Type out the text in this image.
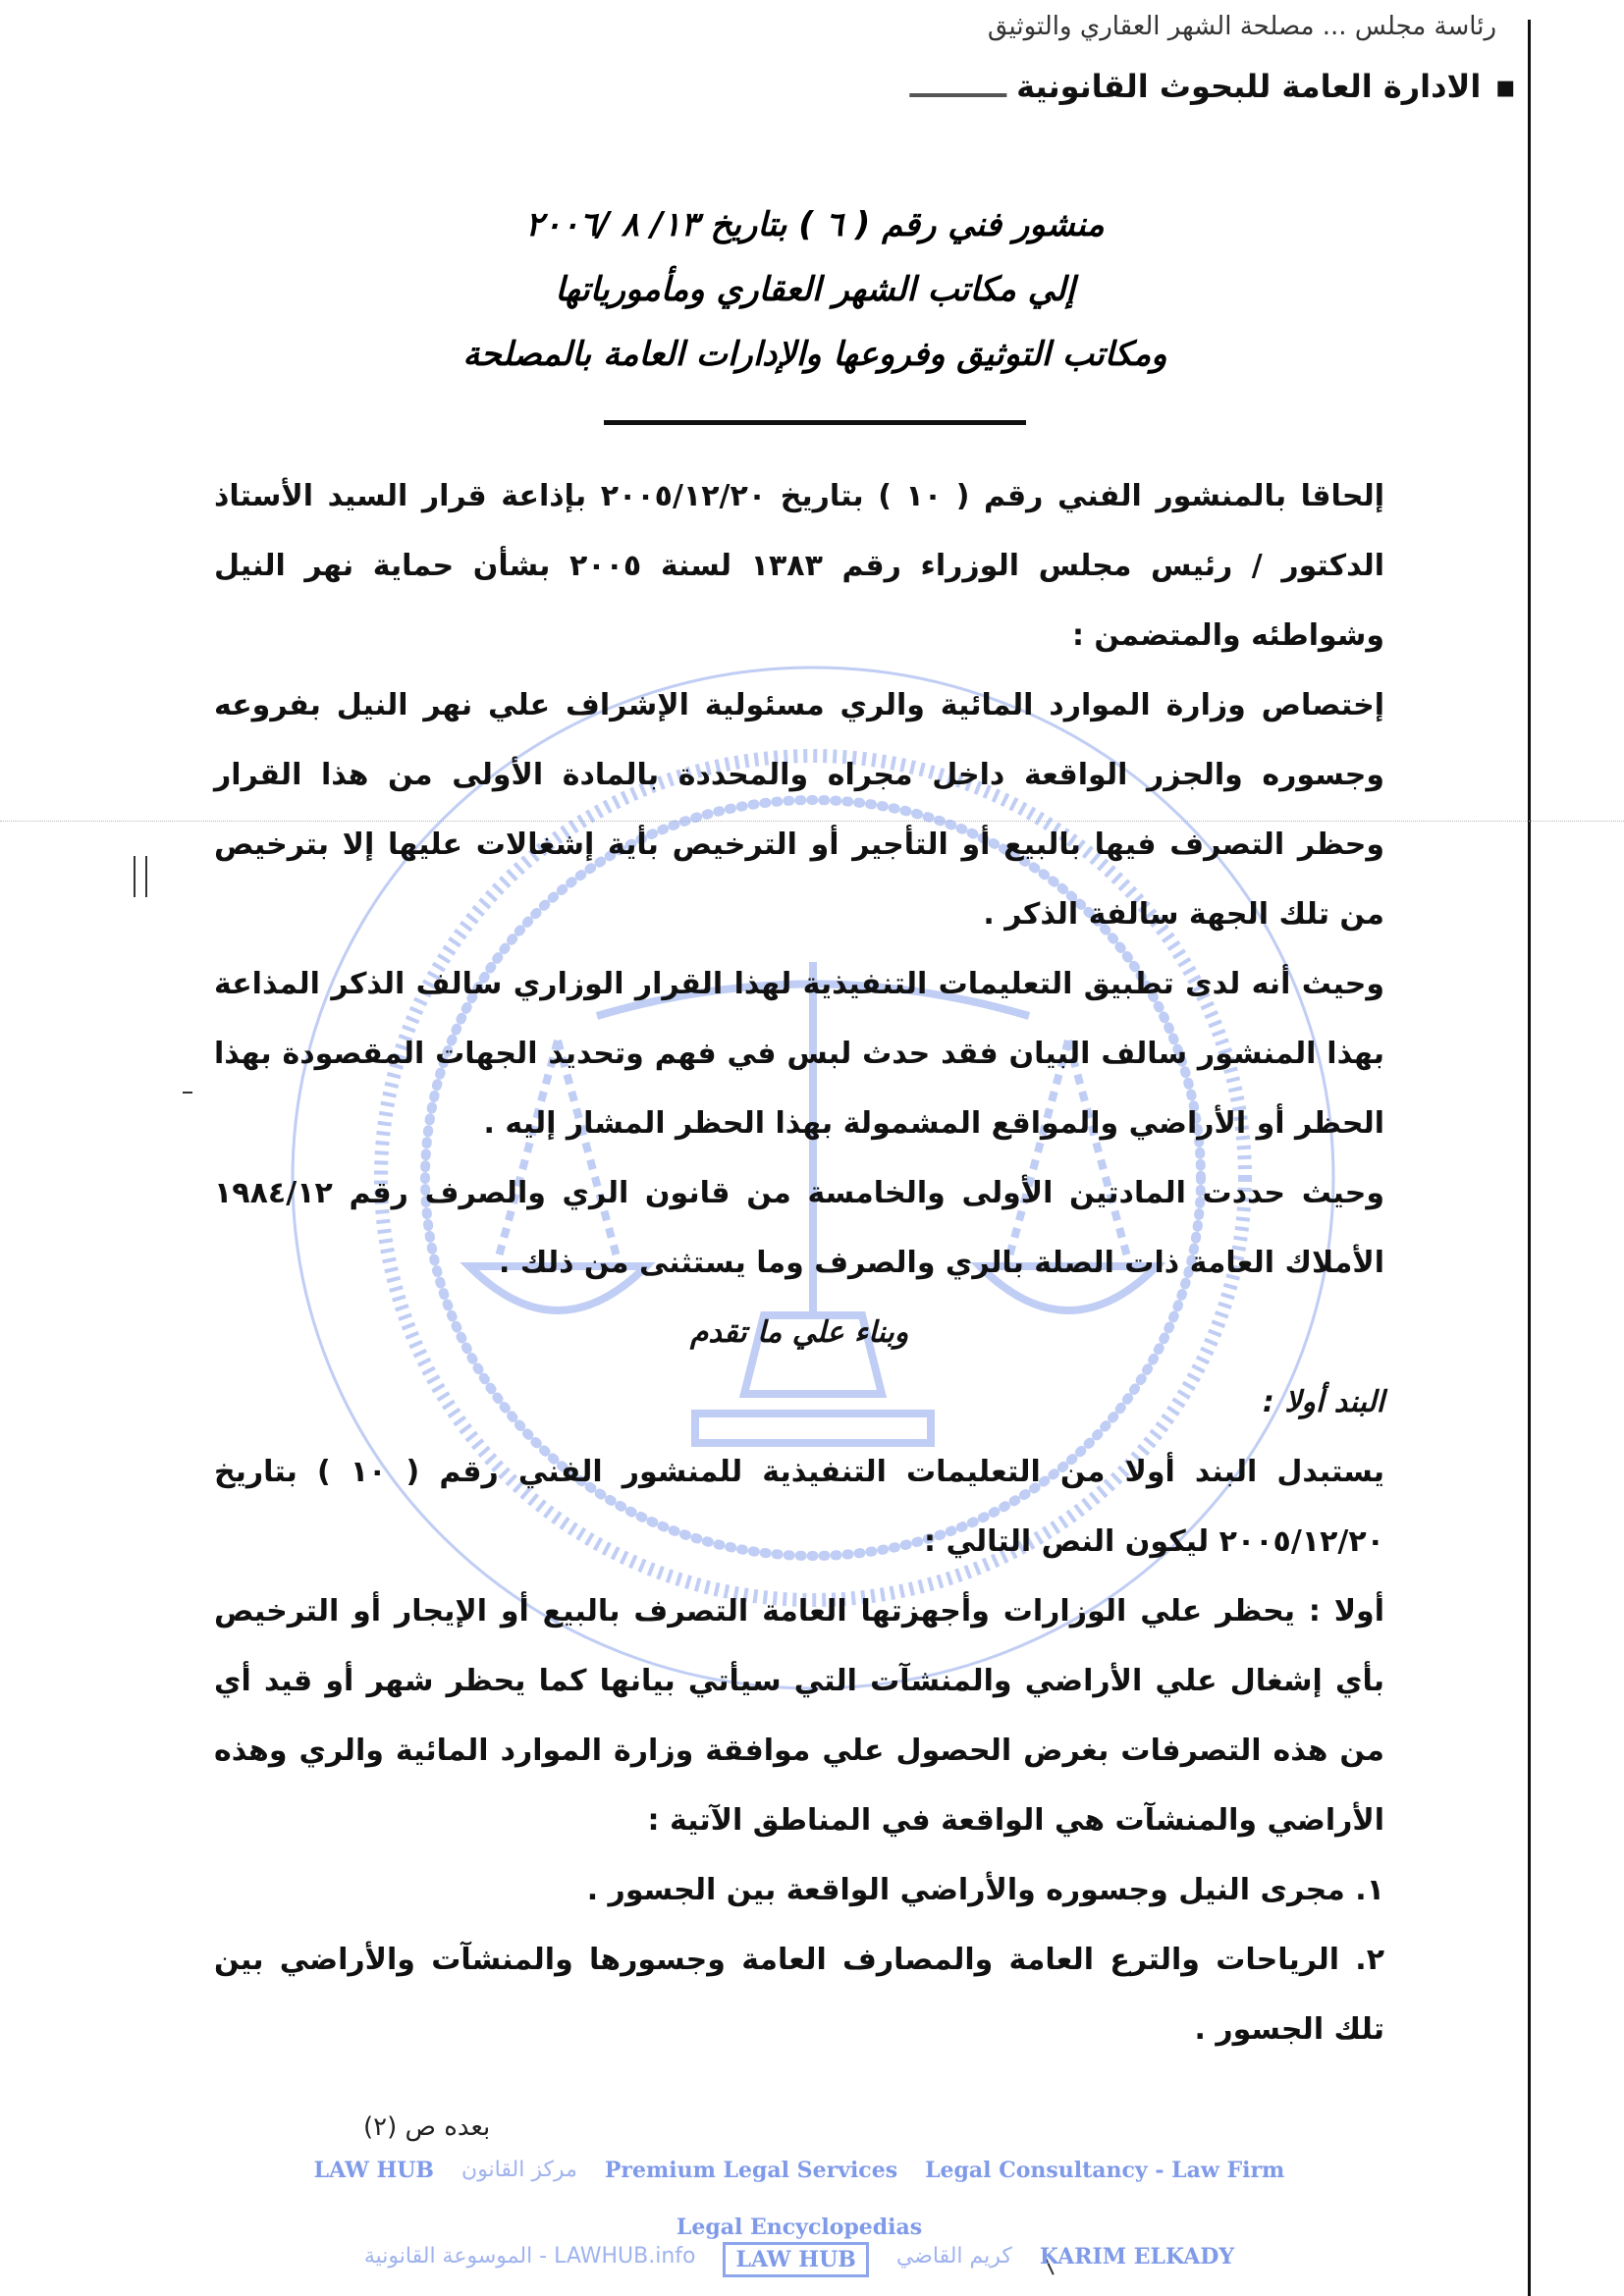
رئاسة مجلس ... مصلحة الشهر العقاري والتوثيق
▪الادارة العامة للبحوث القانونيةـــــــــ
منشور فني رقم ( ٦ ) بتاريخ ١٣/ ٨ /٢٠٠٦
إلي مكاتب الشهر العقاري ومأمورياتها
ومكاتب التوثيق وفروعها والإدارات العامة بالمصلحة

إلحاقا بالمنشور الفني رقم ( ١٠ ) بتاريخ ٢٠٠٥/١٢/٢٠ بإذاعة قرار السيد الأستاذ الدكتور / رئيس مجلس الوزراء رقم ١٣٨٣ لسنة ٢٠٠٥ بشأن حماية نهر النيل وشواطئه والمتضمن :

إختصاص وزارة الموارد المائية والري مسئولية الإشراف علي نهر النيل بفروعه وجسوره والجزر الواقعة داخل مجراه والمحددة بالمادة الأولى من هذا القرار وحظر التصرف فيها بالبيع أو التأجير أو الترخيص بأية إشغالات عليها إلا بترخيص من تلك الجهة سالفة الذكر .

وحيث أنه لدى تطبيق التعليمات التنفيذية لهذا القرار الوزاري سالف الذكر المذاعة بهذا المنشور سالف البيان فقد حدث لبس في فهم وتحديد الجهات المقصودة بهذا الحظر أو الأراضي والمواقع المشمولة بهذا الحظر المشار إليه .

وحيث حددت المادتين الأولى والخامسة من قانون الري والصرف رقم ١٩٨٤/١٢ الأملاك العامة ذات الصلة بالري والصرف وما يستثنى من ذلك .

وبناء علي ما تقدم

البند أولا :

يستبدل البند أولا من التعليمات التنفيذية للمنشور الفني رقم ( ١٠ ) بتاريخ ٢٠٠٥/١٢/٢٠ ليكون النص التالي :

أولا : يحظر علي الوزارات وأجهزتها العامة التصرف بالبيع أو الإيجار أو الترخيص بأي إشغال علي الأراضي والمنشآت التي سيأتي بيانها كما يحظر شهر أو قيد أي من هذه التصرفات بغرض الحصول علي موافقة وزارة الموارد المائية والري وهذه الأراضي والمنشآت هي الواقعة في المناطق الآتية :

١. مجرى النيل وجسوره والأراضي الواقعة بين الجسور .

٢. الرياحات والترع العامة والمصارف العامة وجسورها والمنشآت والأراضي بين تلك الجسور .

بعده ص (٢)
LAW HUB مركز القانون Premium Legal Services Legal Consultancy - Law Firm
Legal Encyclopedias
LAWHUB.info - الموسوعة القانونية	LAW HUB	كريم القاضي KARIM ELKADY
